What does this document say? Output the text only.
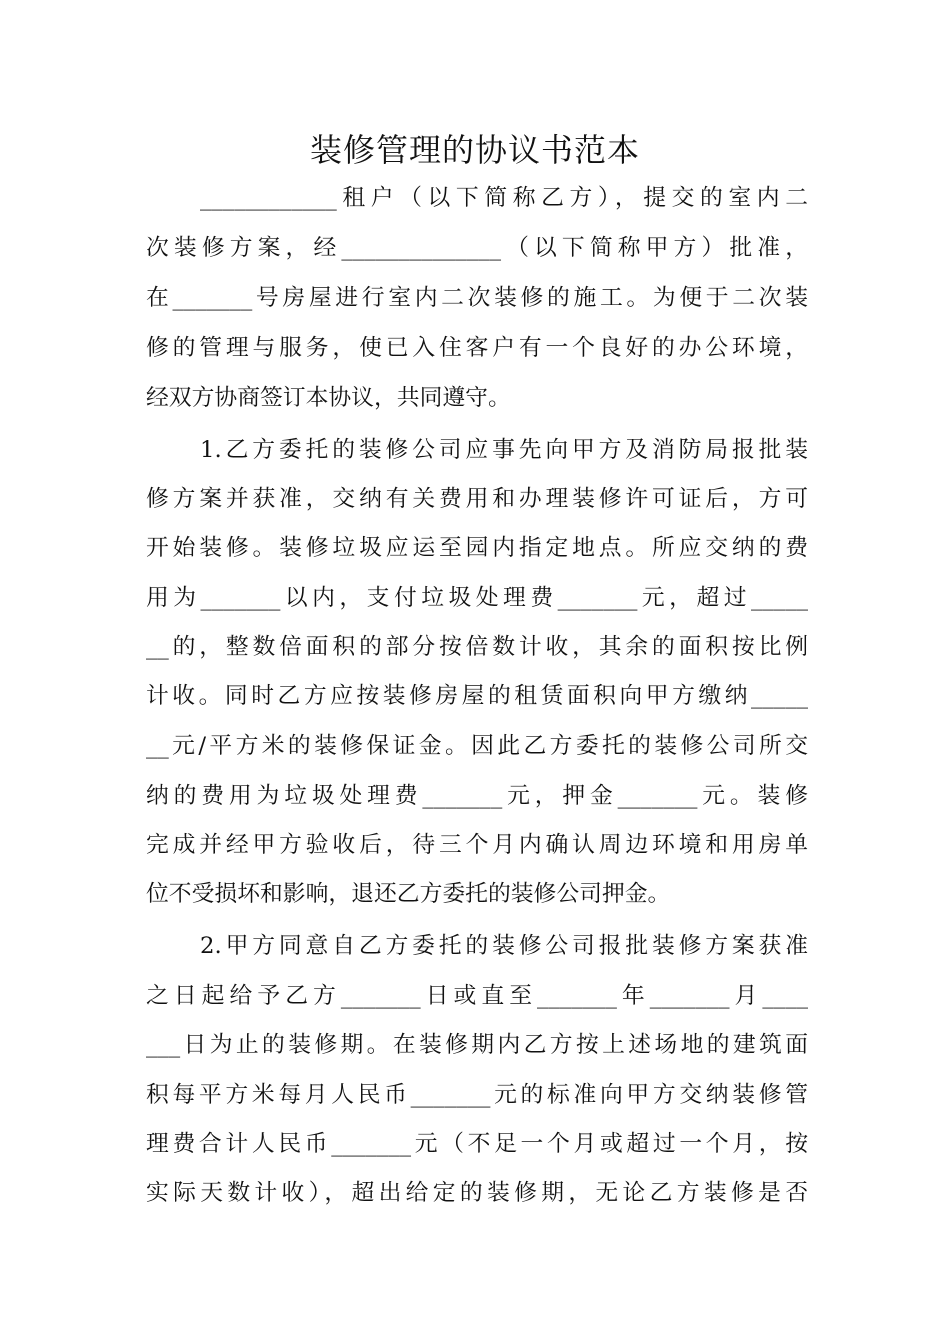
装修管理的协议书范本
____________租户（以下简称乙方），提交的室内二
次装修方案，经______________（以下简称甲方）批准，
在_______号房屋进行室内二次装修的施工。为便于二次装
修的管理与服务，使已入住客户有一个良好的办公环境，
经双方协商签订本协议，共同遵守。
1.乙方委托的装修公司应事先向甲方及消防局报批装
修方案并获准，交纳有关费用和办理装修许可证后，方可
开始装修。装修垃圾应运至园内指定地点。所应交纳的费
用为_______以内，支付垃圾处理费_______元，超过_____
__的，整数倍面积的部分按倍数计收，其余的面积按比例
计收。同时乙方应按装修房屋的租赁面积向甲方缴纳_____
__元/平方米的装修保证金。因此乙方委托的装修公司所交
纳的费用为垃圾处理费_______元，押金_______元。装修
完成并经甲方验收后，待三个月内确认周边环境和用房单
位不受损坏和影响，退还乙方委托的装修公司押金。
2.甲方同意自乙方委托的装修公司报批装修方案获准
之日起给予乙方_______日或直至_______年_______月____
___日为止的装修期。在装修期内乙方按上述场地的建筑面
积每平方米每月人民币_______元的标准向甲方交纳装修管
理费合计人民币_______元（不足一个月或超过一个月，按
实际天数计收），超出给定的装修期，无论乙方装修是否
